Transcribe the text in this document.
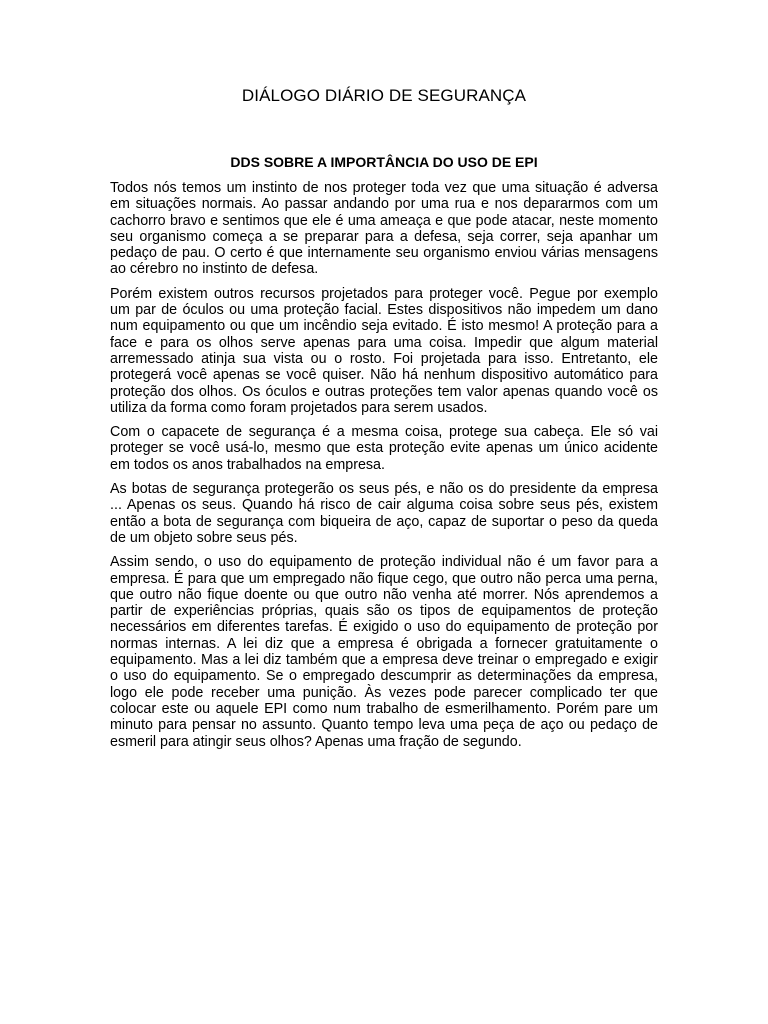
DIÁLOGO DIÁRIO DE SEGURANÇA
DDS SOBRE A IMPORTÂNCIA DO USO DE EPI

Todos nós temos um instinto de nos proteger toda vez que uma situação é adversa em situações normais. Ao passar andando por uma rua e nos depararmos com um cachorro bravo e sentimos que ele é uma ameaça e que pode atacar, neste momento seu organismo começa a se preparar para a defesa, seja correr, seja apanhar um pedaço de pau. O certo é que internamente seu organismo enviou várias mensagens ao cérebro no instinto de defesa.

Porém existem outros recursos projetados para proteger você. Pegue por exemplo um par de óculos ou uma proteção facial. Estes dispositivos não impedem um dano num equipamento ou que um incêndio seja evitado. É isto mesmo! A proteção para a face e para os olhos serve apenas para uma coisa. Impedir que algum material arremessado atinja sua vista ou o rosto. Foi projetada para isso. Entretanto, ele protegerá você apenas se você quiser. Não há nenhum dispositivo automático para proteção dos olhos. Os óculos e outras proteções tem valor apenas quando você os utiliza da forma como foram projetados para serem usados.

Com o capacete de segurança é a mesma coisa, protege sua cabeça. Ele só vai proteger se você usá-lo, mesmo que esta proteção evite apenas um único acidente em todos os anos trabalhados na empresa.

As botas de segurança protegerão os seus pés, e não os do presidente da empresa ... Apenas os seus. Quando há risco de cair alguma coisa sobre seus pés, existem então a bota de segurança com biqueira de aço, capaz de suportar o peso da queda de um objeto sobre seus pés.

Assim sendo, o uso do equipamento de proteção individual não é um favor para a empresa. É para que um empregado não fique cego, que outro não perca uma perna, que outro não fique doente ou que outro não venha até morrer. Nós aprendemos a partir de experiências próprias, quais são os tipos de equipamentos de proteção necessários em diferentes tarefas. É exigido o uso do equipamento de proteção por normas internas. A lei diz que a empresa é obrigada a fornecer gratuitamente o equipamento. Mas a lei diz também que a empresa deve treinar o empregado e exigir o uso do equipamento. Se o empregado descumprir as determinações da empresa, logo ele pode receber uma punição. Às vezes pode parecer complicado ter que colocar este ou aquele EPI como num trabalho de esmerilhamento. Porém pare um minuto para pensar no assunto. Quanto tempo leva uma peça de aço ou pedaço de esmeril para atingir seus olhos? Apenas uma fração de segundo.
